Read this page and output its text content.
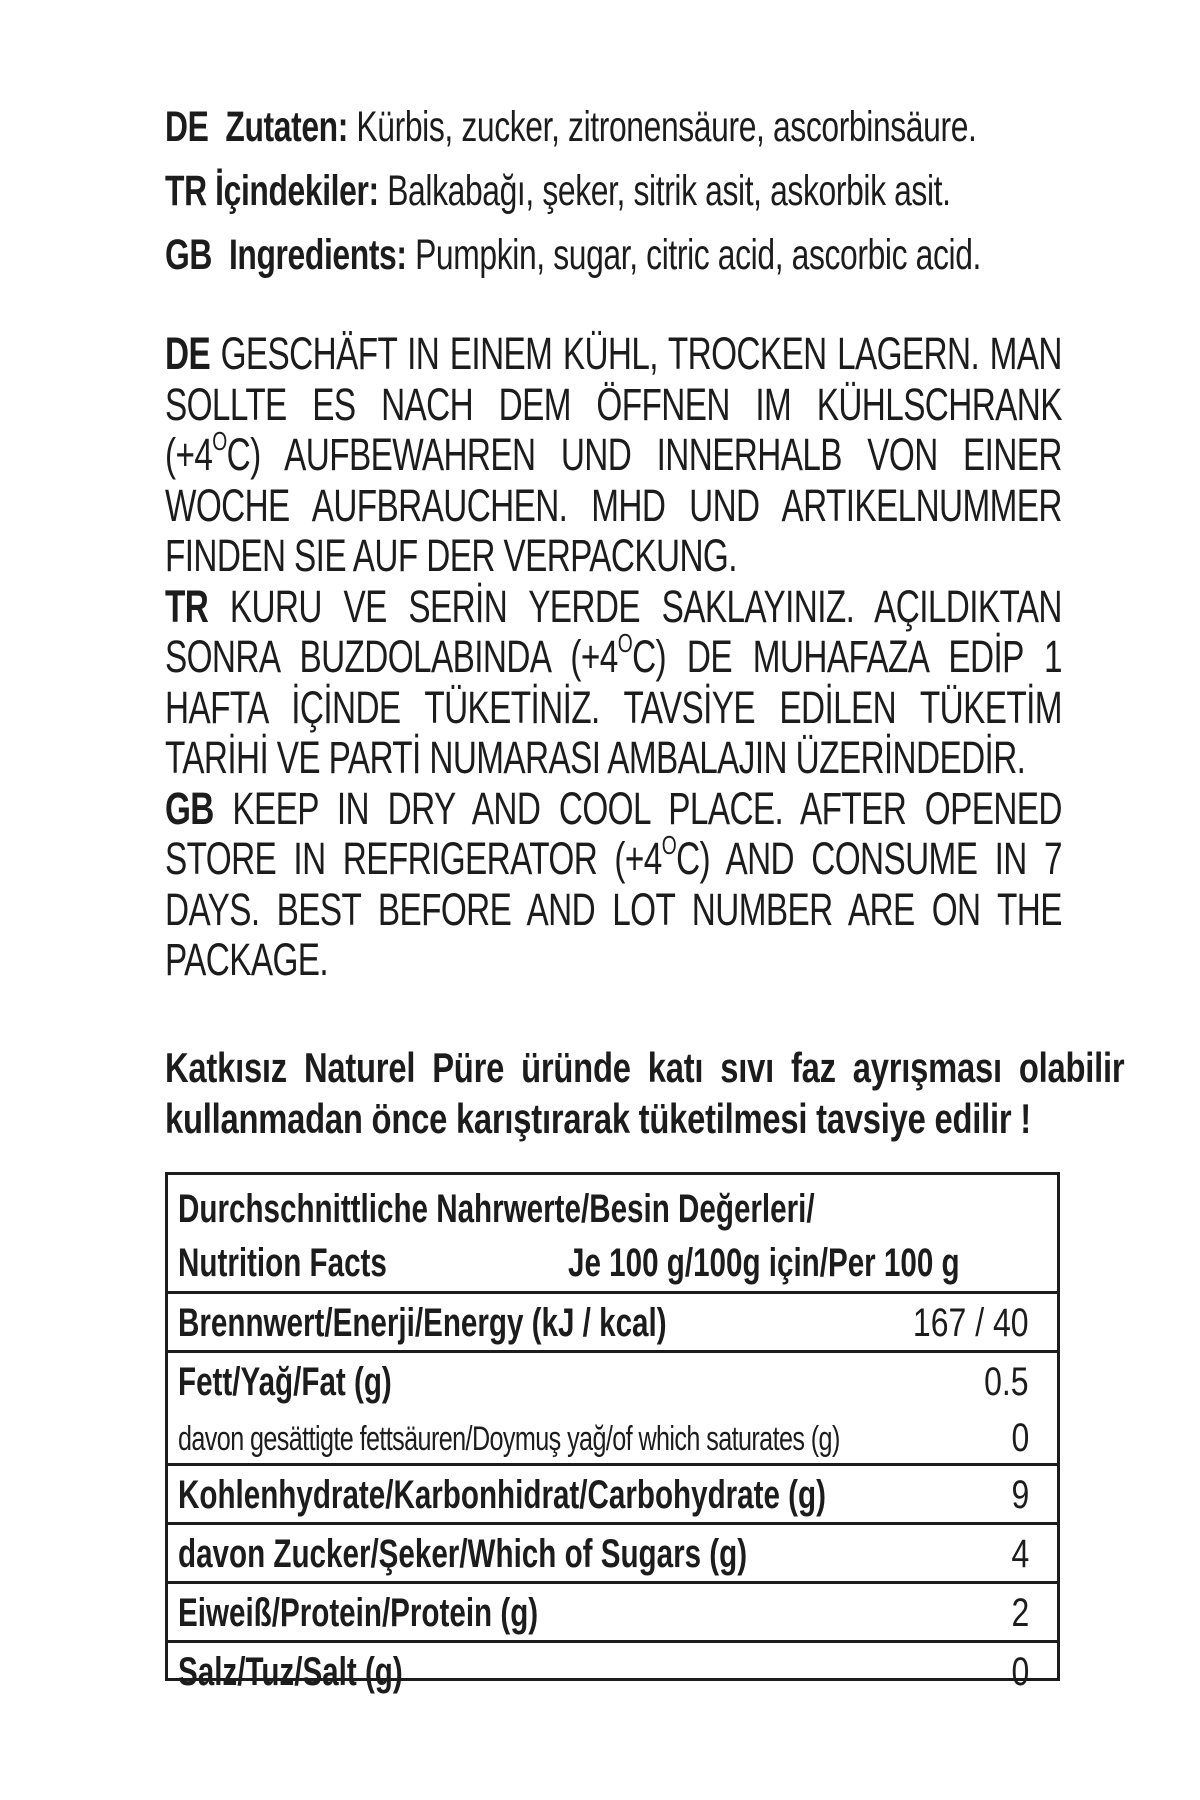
DE Zutaten: Kürbis, zucker, zitronensäure, ascorbinsäure.
TR İçindekiler: Balkabağı, şeker, sitrik asit, askorbik asit.
GB Ingredients: Pumpkin, sugar, citric acid, ascorbic acid.

DE GESCHÄFT IN EINEM KÜHL, TROCKEN LAGERN. MAN SOLLTE ES NACH DEM ÖFFNEN IM KÜHLSCHRANK $(+4^OC)$ AUFBEWAHREN UND INNERHALB VON EINER WOCHE AUFBRAUCHEN. MHD UND ARTIKELNUMMER FINDEN SIE AUF DER VERPACKUNG.

TR KURU VE SERİN YERDE SAKLAYINIZ. AÇILDIKTAN SONRA BUZDOLABINDA $(+4^OC)$ DE MUHAFAZA EDİP 1 HAFTA İÇİNDE TÜKETİNİZ. TAVSİYE EDİLEN TÜKETİM TARİHİ VE PARTİ NUMARASI AMBALAJIN ÜZERİNDEDİR.

GB KEEP IN DRY AND COOL PLACE. AFTER OPENED STORE IN REFRIGERATOR $(+4^OC)$ AND CONSUME IN 7 DAYS. BEST BEFORE AND LOT NUMBER ARE ON THE PACKAGE.

Katkısız Naturel Püre üründe katı sıvı faz ayrışması olabilir kullanmadan önce karıştırarak tüketilmesi tavsiye edilir !

Durchschnittliche Nahrwerte/Besin Değerleri/
Nutrition Facts	Je 100 g/100g için/Per 100 g
Brennwert/Enerji/Energy (kJ / kcal)	167 / 40
Fett/Yağ/Fat (g)	0.5
davon gesättigte fettsäuren/Doymuş yağ/of which saturates (g)	0
Kohlenhydrate/Karbonhidrat/Carbohydrate (g)	9
davon Zucker/Şeker/Which of Sugars (g)	4
Eiweiß/Protein/Protein (g)	2
Salz/Tuz/Salt (g)	0
